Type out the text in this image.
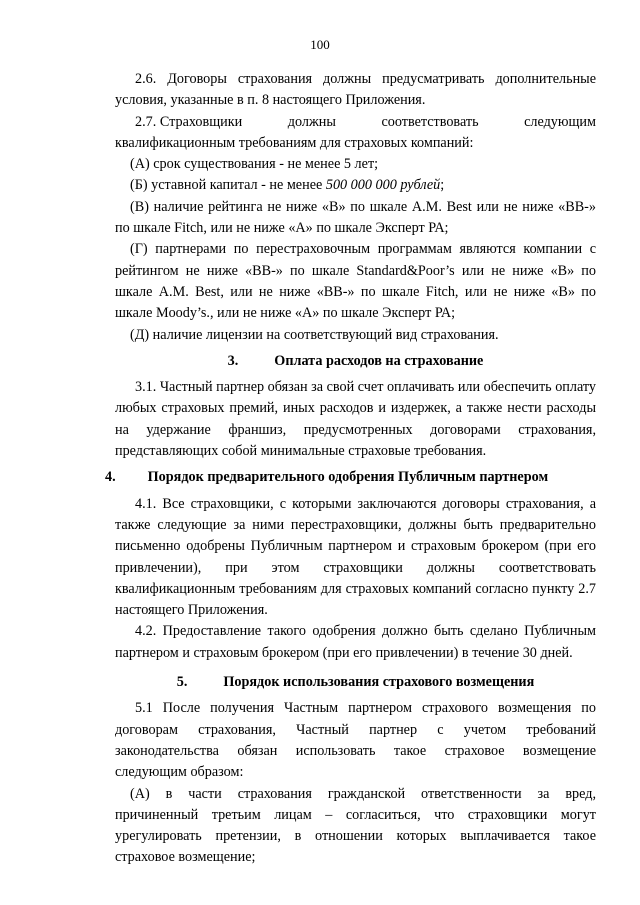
100

2.6. Договоры страхования должны предусматривать дополнительные условия, указанные в п. 8 настоящего Приложения.

2.7. Страховщики	должны	соответствовать	следующим

квалификационным требованиям для страховых компаний:

(А) срок существования - не менее 5 лет;

(Б) уставной капитал - не менее 500 000 000 рублей;

(В) наличие рейтинга не ниже «B» по шкале A.M. Best или не ниже «BB-» по шкале Fitch, или не ниже «A» по шкале Эксперт РА;

(Г) партнерами по перестраховочным программам являются компании с рейтингом не ниже «BB-» по шкале Standard&Poor’s или не ниже «B» по шкале A.M. Best, или не ниже «BB-» по шкале Fitch, или не ниже «B» по шкале Moody’s., или не ниже «A» по шкале Эксперт РА;

(Д) наличие лицензии на соответствующий вид страхования.

3.	Оплата расходов на страхование

3.1. Частный партнер обязан за свой счет оплачивать или обеспечить оплату любых страховых премий, иных расходов и издержек, а также нести расходы на удержание франшиз, предусмотренных договорами страхования, представляющих собой минимальные страховые требования.

4. Порядок предварительного одобрения Публичным партнером

4.1. Все страховщики, с которыми заключаются договоры страхования, а также следующие за ними перестраховщики, должны быть предварительно письменно одобрены Публичным партнером и страховым брокером (при его привлечении), при этом страховщики должны соответствовать квалификационным требованиям для страховых компаний согласно пункту 2.7 настоящего Приложения.

4.2. Предоставление такого одобрения должно быть сделано Публичным партнером и страховым брокером (при его привлечении) в течение 30 дней.

5.	Порядок использования страхового возмещения

5.1 После получения Частным партнером страхового возмещения по договорам страхования, Частный партнер с учетом требований законодательства обязан использовать такое страховое возмещение следующим образом:

(А) в части страхования гражданской ответственности за вред, причиненный третьим лицам – согласиться, что страховщики могут урегулировать претензии, в отношении которых выплачивается такое страховое возмещение;
